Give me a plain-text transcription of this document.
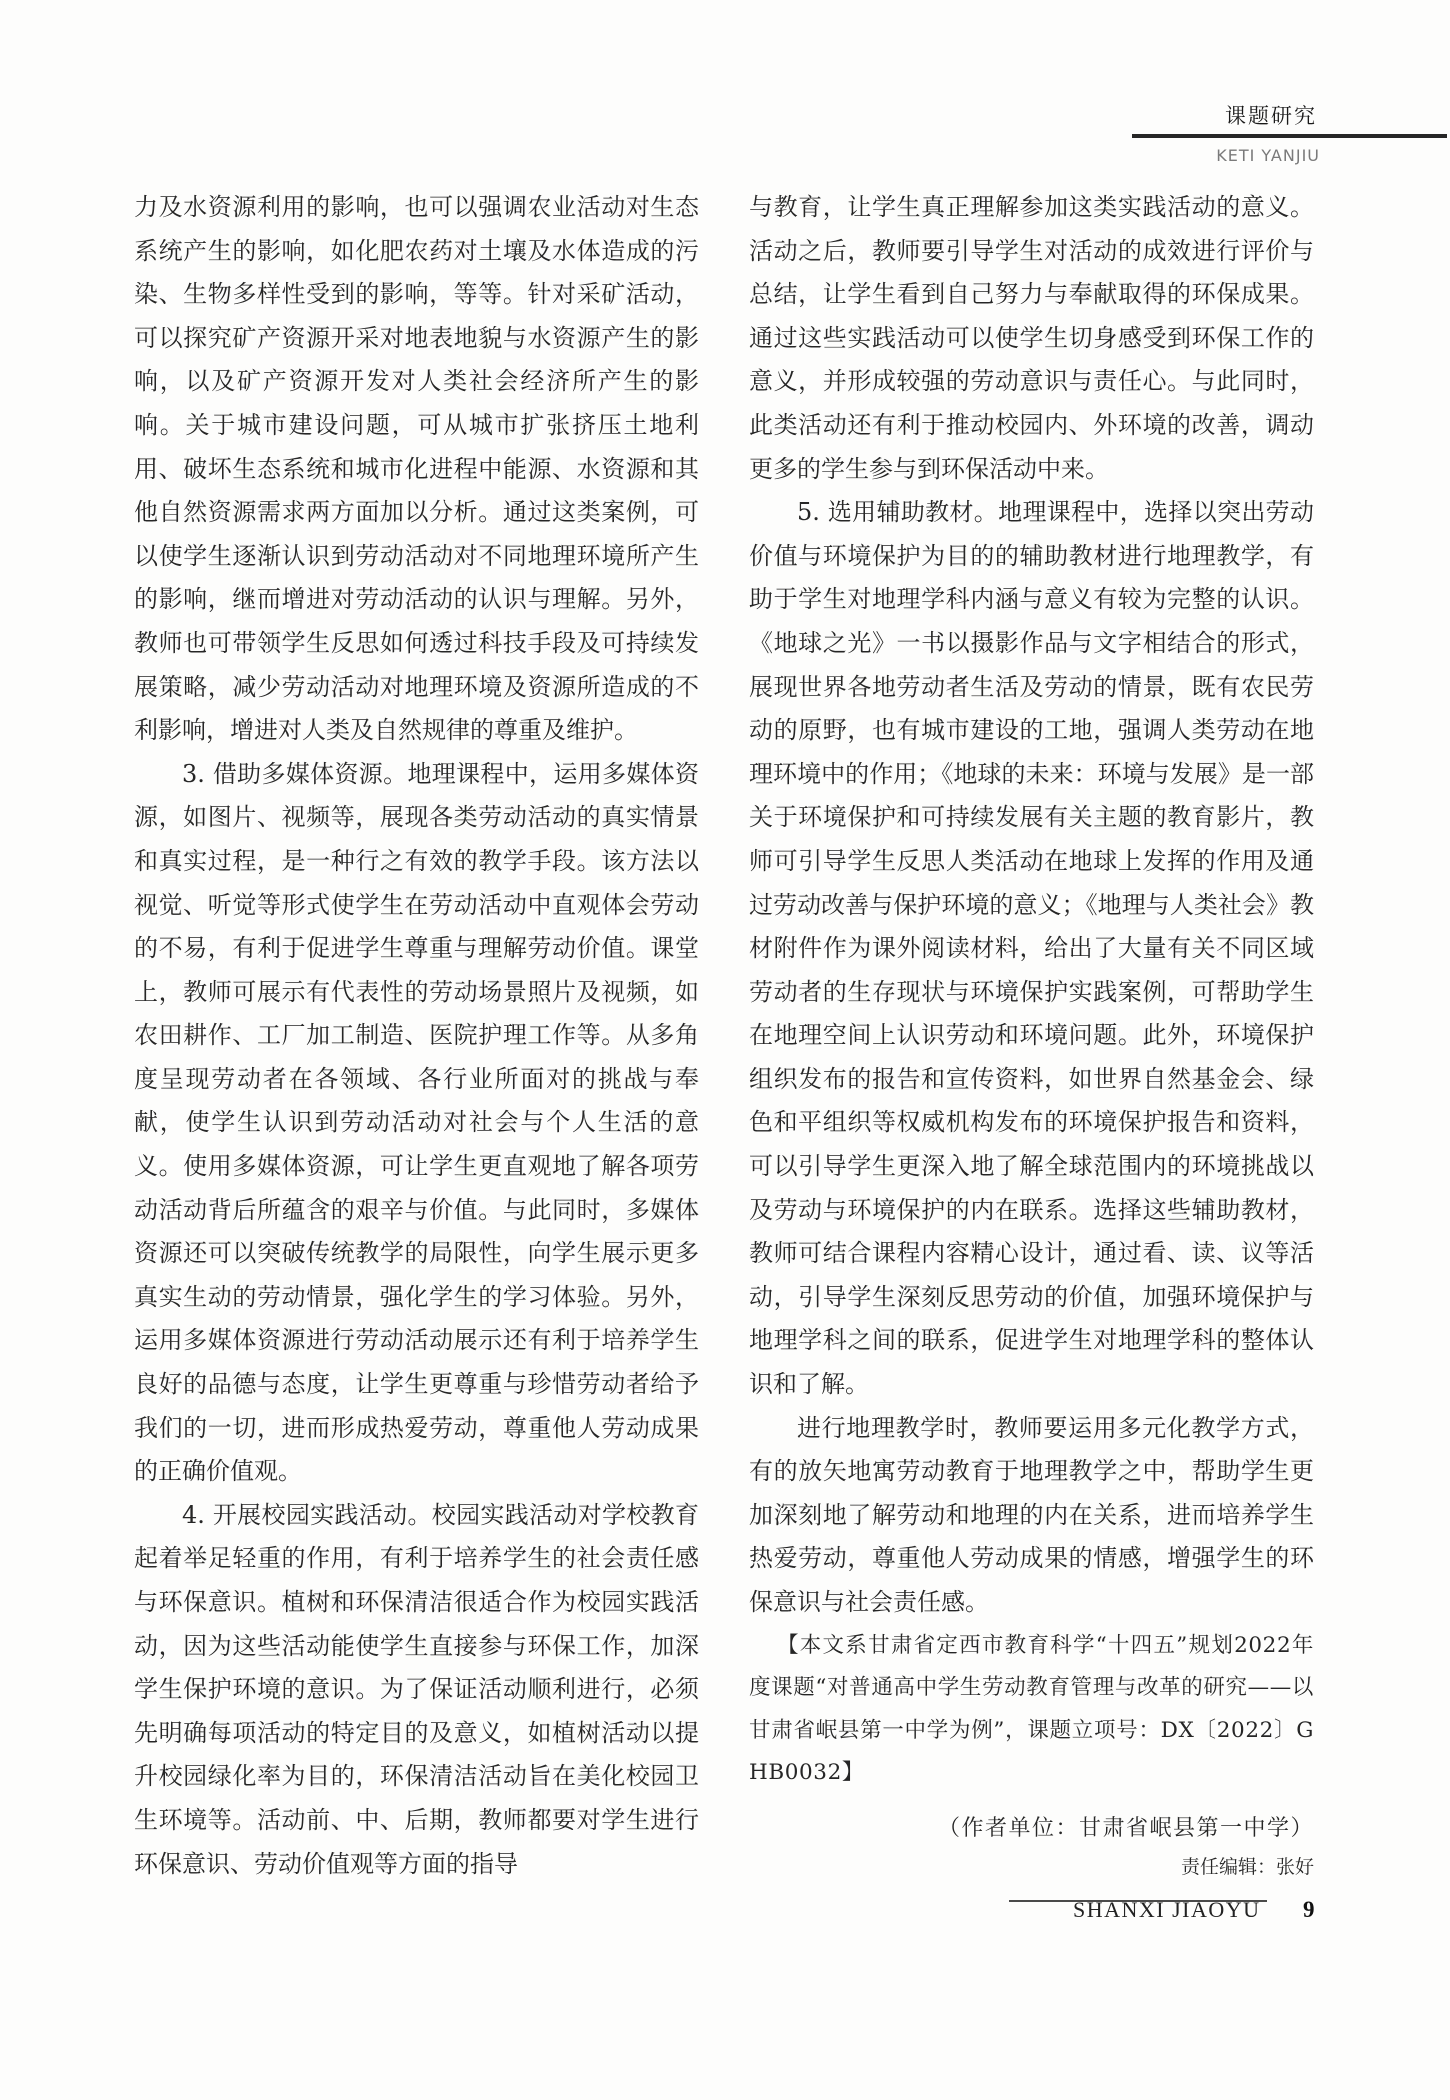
课题研究
KETI YANJIU

力及水资源利用的影响，也可以强调农业活动对生态系统产生的影响，如化肥农药对土壤及水体造成的污染、生物多样性受到的影响，等等。针对采矿活动，可以探究矿产资源开采对地表地貌与水资源产生的影响，以及矿产资源开发对人类社会经济所产生的影响。关于城市建设问题，可从城市扩张挤压土地利用、破坏生态系统和城市化进程中能源、水资源和其他自然资源需求两方面加以分析。通过这类案例，可以使学生逐渐认识到劳动活动对不同地理环境所产生的影响，继而增进对劳动活动的认识与理解。另外，教师也可带领学生反思如何透过科技手段及可持续发展策略，减少劳动活动对地理环境及资源所造成的不利影响，增进对人类及自然规律的尊重及维护。

3. 借助多媒体资源。地理课程中，运用多媒体资源，如图片、视频等，展现各类劳动活动的真实情景和真实过程，是一种行之有效的教学手段。该方法以视觉、听觉等形式使学生在劳动活动中直观体会劳动的不易，有利于促进学生尊重与理解劳动价值。课堂上，教师可展示有代表性的劳动场景照片及视频，如农田耕作、工厂加工制造、医院护理工作等。从多角度呈现劳动者在各领域、各行业所面对的挑战与奉献，使学生认识到劳动活动对社会与个人生活的意义。使用多媒体资源，可让学生更直观地了解各项劳动活动背后所蕴含的艰辛与价值。与此同时，多媒体资源还可以突破传统教学的局限性，向学生展示更多真实生动的劳动情景，强化学生的学习体验。另外，运用多媒体资源进行劳动活动展示还有利于培养学生良好的品德与态度，让学生更尊重与珍惜劳动者给予我们的一切，进而形成热爱劳动，尊重他人劳动成果的正确价值观。

4. 开展校园实践活动。校园实践活动对学校教育起着举足轻重的作用，有利于培养学生的社会责任感与环保意识。植树和环保清洁很适合作为校园实践活动，因为这些活动能使学生直接参与环保工作，加深学生保护环境的意识。为了保证活动顺利进行，必须先明确每项活动的特定目的及意义，如植树活动以提升校园绿化率为目的，环保清洁活动旨在美化校园卫生环境等。活动前、中、后期，教师都要对学生进行环保意识、劳动价值观等方面的指导

与教育，让学生真正理解参加这类实践活动的意义。活动之后，教师要引导学生对活动的成效进行评价与总结，让学生看到自己努力与奉献取得的环保成果。通过这些实践活动可以使学生切身感受到环保工作的意义，并形成较强的劳动意识与责任心。与此同时，此类活动还有利于推动校园内、外环境的改善，调动更多的学生参与到环保活动中来。

5. 选用辅助教材。地理课程中，选择以突出劳动价值与环境保护为目的的辅助教材进行地理教学，有助于学生对地理学科内涵与意义有较为完整的认识。《地球之光》一书以摄影作品与文字相结合的形式，展现世界各地劳动者生活及劳动的情景，既有农民劳动的原野，也有城市建设的工地，强调人类劳动在地理环境中的作用；《地球的未来：环境与发展》是一部关于环境保护和可持续发展有关主题的教育影片，教师可引导学生反思人类活动在地球上发挥的作用及通过劳动改善与保护环境的意义；《地理与人类社会》教材附件作为课外阅读材料，给出了大量有关不同区域劳动者的生存现状与环境保护实践案例，可帮助学生在地理空间上认识劳动和环境问题。此外，环境保护组织发布的报告和宣传资料，如世界自然基金会、绿色和平组织等权威机构发布的环境保护报告和资料，可以引导学生更深入地了解全球范围内的环境挑战以及劳动与环境保护的内在联系。选择这些辅助教材，教师可结合课程内容精心设计，通过看、读、议等活动，引导学生深刻反思劳动的价值，加强环境保护与地理学科之间的联系，促进学生对地理学科的整体认识和了解。

进行地理教学时，教师要运用多元化教学方式，有的放矢地寓劳动教育于地理教学之中，帮助学生更加深刻地了解劳动和地理的内在关系，进而培养学生热爱劳动，尊重他人劳动成果的情感，增强学生的环保意识与社会责任感。

【本文系甘肃省定西市教育科学“十四五”规划2022年度课题“对普通高中学生劳动教育管理与改革的研究——以甘肃省岷县第一中学为例”，课题立项号：DX〔2022〕GHB0032】

（作者单位：甘肃省岷县第一中学）
责任编辑：张好
SHANXI JIAOYU 9
